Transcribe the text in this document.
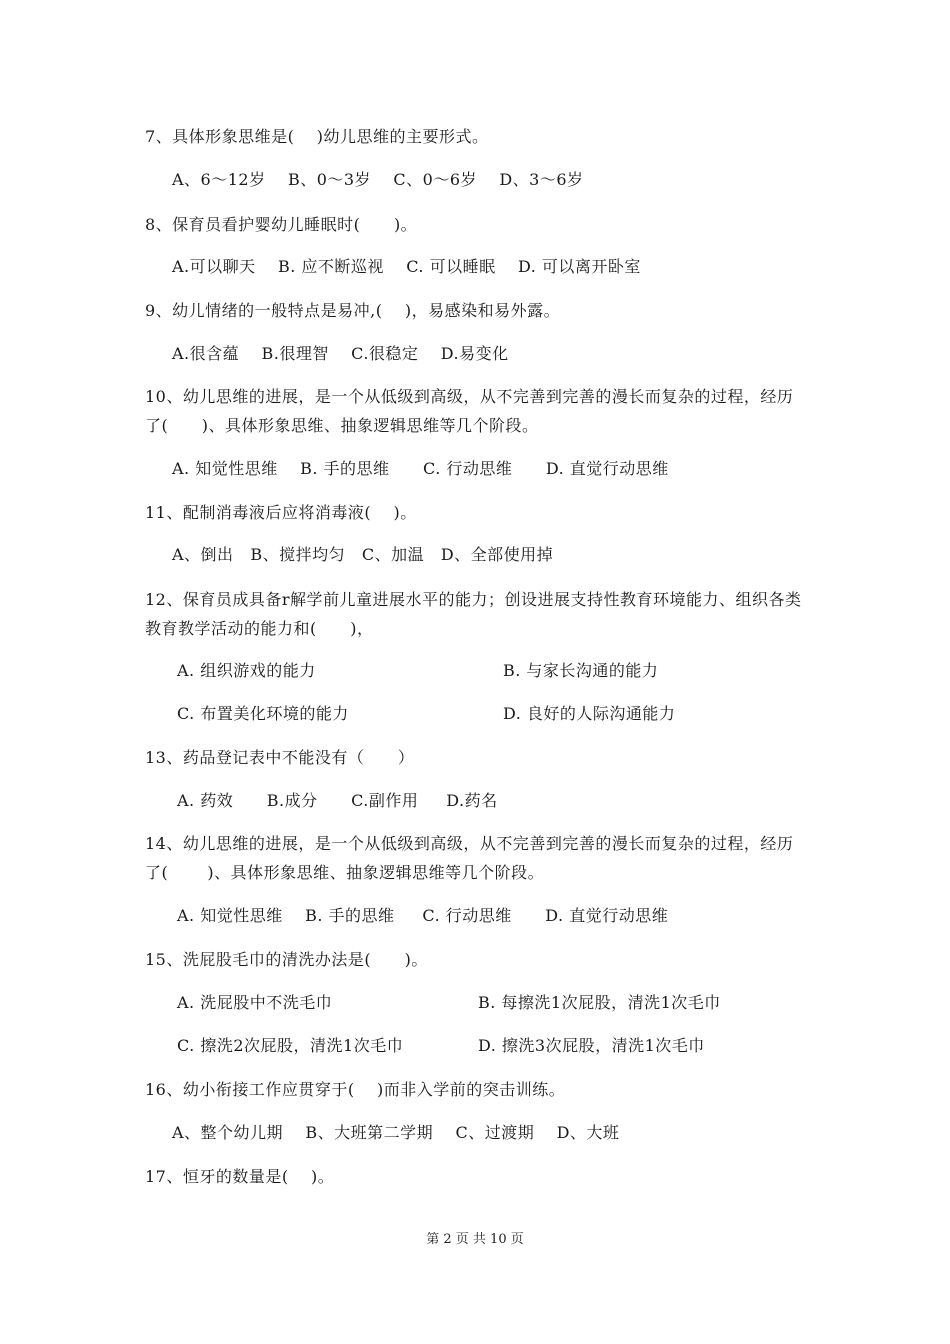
7、具体形象思维是(    )幼儿思维的主要形式。
A、6～12岁    B、0～3岁    C、0～6岁    D、3～6岁
8、保育员看护婴幼儿睡眠时(      )。
A.可以聊天    B. 应不断巡视    C. 可以睡眠    D. 可以离开卧室
9、幼儿情绪的一般特点是易冲,(    )，易感染和易外露。
A.很含蕴    B.很理智    C.很稳定    D.易变化
10、幼儿思维的进展，是一个从低级到高级，从不完善到完善的漫长而复杂的过程，经历
了(      )、具体形象思维、抽象逻辑思维等几个阶段。
A. 知觉性思维    B. 手的思维      C. 行动思维      D. 直觉行动思维
11、配制消毒液后应将消毒液(    )。
A、倒出   B、搅拌均匀   C、加温   D、全部使用掉
12、保育员成具备r解学前儿童进展水平的能力；创设进展支持性教育环境能力、组织各类
教育教学活动的能力和(      )，
A. 组织游戏的能力	B. 与家长沟通的能力
C. 布置美化环境的能力	D. 良好的人际沟通能力
13、药品登记表中不能没有（      ）
A. 药效      B.成分      C.副作用     D.药名
14、幼儿思维的进展，是一个从低级到高级，从不完善到完善的漫长而复杂的过程，经历
了(       )、具体形象思维、抽象逻辑思维等几个阶段。
A. 知觉性思维    B. 手的思维     C. 行动思维      D. 直觉行动思维
15、洗屁股毛巾的清洗办法是(      )。
A. 洗屁股中不洗毛巾	B. 每擦洗1次屁股，清洗1次毛巾
C. 擦洗2次屁股，清洗1次毛巾	D. 擦洗3次屁股，清洗1次毛巾
16、幼小衔接工作应贯穿于(    )而非入学前的突击训练。
A、整个幼儿期    B、大班第二学期    C、过渡期    D、大班
17、恒牙的数量是(    )。
第 2 页 共 10 页
